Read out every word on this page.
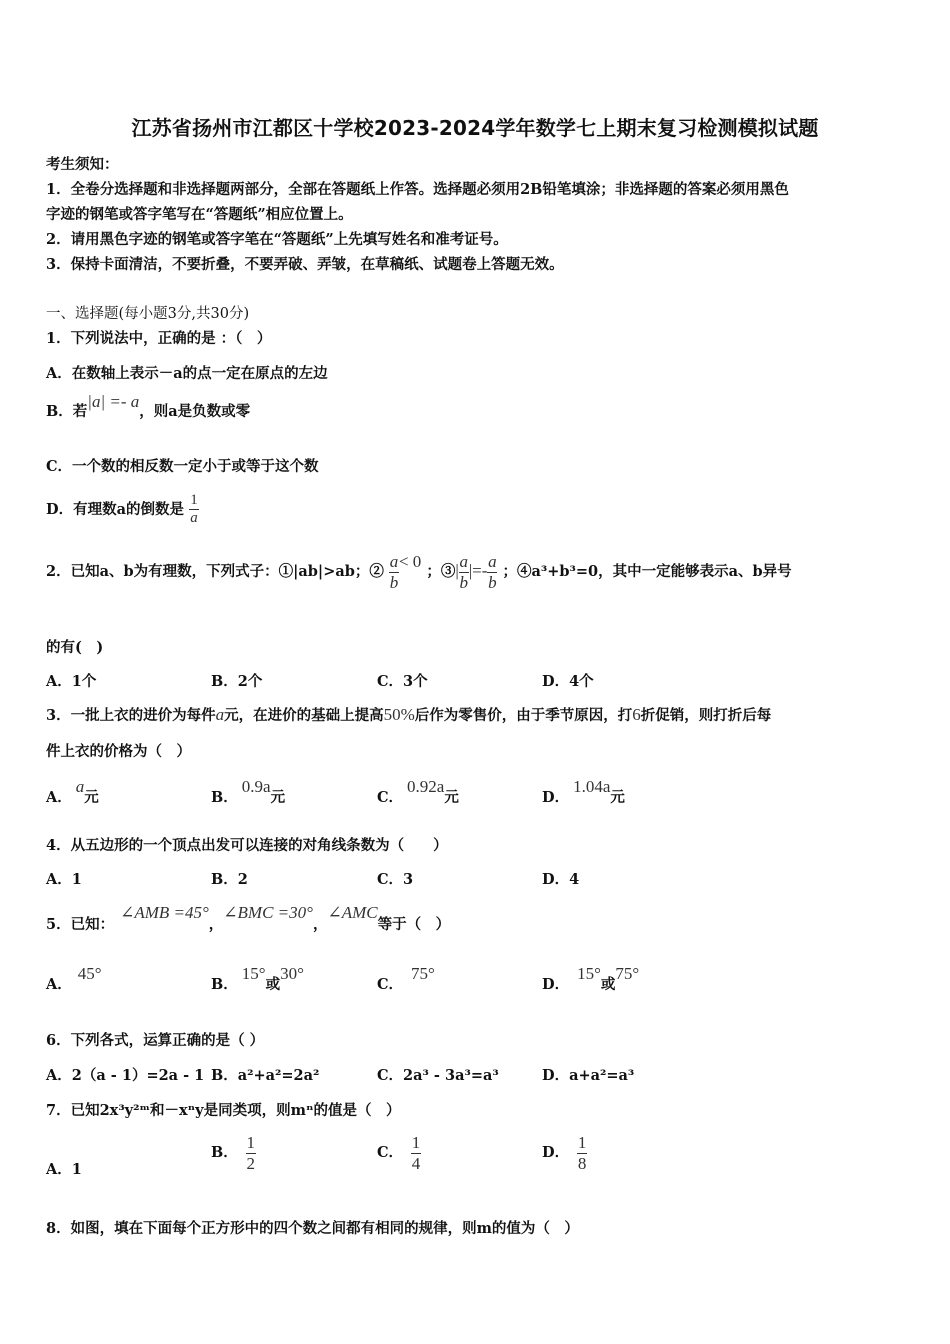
江苏省扬州市江都区十学校2023-2024学年数学七上期末复习检测模拟试题
考生须知：
1．全卷分选择题和非选择题两部分，全部在答题纸上作答。选择题必须用2B铅笔填涂；非选择题的答案必须用黑色
字迹的钢笔或答字笔写在“答题纸”相应位置上。
2．请用黑色字迹的钢笔或答字笔在“答题纸”上先填写姓名和准考证号。
3．保持卡面清洁，不要折叠，不要弄破、弄皱，在草稿纸、试题卷上答题无效。
一、选择题(每小题3分,共30分)
1．下列说法中，正确的是 ：（　）
A．在数轴上表示－a的点一定在原点的左边
B．若|a| =- a，则a是负数或零
C．一个数的相反数一定小于或等于这个数
D．有理数a的倒数是 $\frac{1}{a}$
2．已知a、b为有理数，下列式子：①|ab|>ab；② $\frac{a}{b} < 0$ ；③| $\frac{a}{b}$ |=- $\frac{a}{b}$ ；④a³+b³=0，其中一定能够表示a、b异号
的有(　)
A．1个	B．2个	C．3个	D．4个
3．一批上衣的进价为每件a元，在进价的基础上提高50%后作为零售价，由于季节原因，打6折促销，则打折后每
件上衣的价格为（　）
A．a元	B．0.9a元	C．0.92a元	D．1.04a元
4．从五边形的一个顶点出发可以连接的对角线条数为（　　）
A．1	B．2	C．3	D．4
5．已知：∠AMB =45°，∠BMC =30°，∠AMC等于（　）
A．45°
B．15°或30°
C．75°
D．15°或75°
6．下列各式，运算正确的是（ ）
A．2（a - 1）=2a - 1 B．a²+a²=2a²	C．2a³ - 3a³=a³	D．a+a²=a³
7．已知2x³y²ᵐ和－xⁿy是同类项，则mⁿ的值是（　）
A．1
B． $\frac{1}{2}$	C． $\frac{1}{4}$	D． $\frac{1}{8}$
8．如图，填在下面每个正方形中的四个数之间都有相同的规律，则m的值为（　）
